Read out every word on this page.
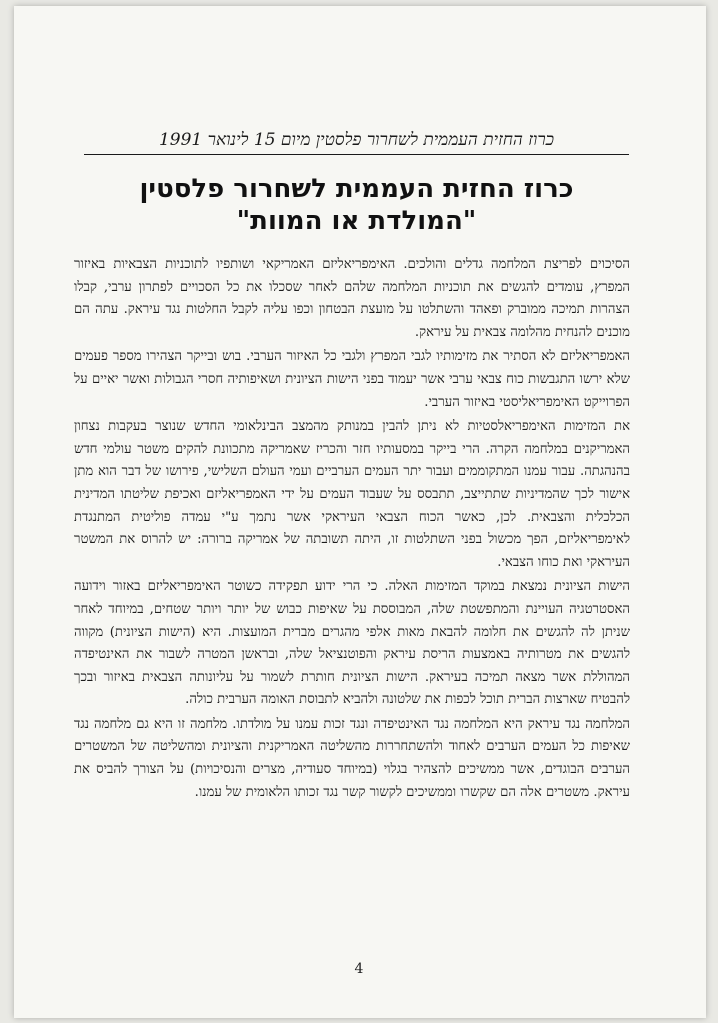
כרוז החזית העממית לשחרור פלסטין מיום 15 לינואר 1991
כרוז החזית העממית לשחרור פלסטין
"המולדת או המוות"

הסיכוים לפריצת המלחמה גדלים והולכים. האימפריאליזם האמריקאי ושותפיו לתוכניות הצבאיות באיזור המפרץ, עומדים להגשים את תוכניות המלחמה שלהם לאחר שסכלו את כל הסכויים לפתרון ערבי, קבלו הצהרות תמיכה ממוברק ופאהד והשתלטו על מועצת הבטחון וכפו עליה לקבל החלטות נגד עיראק. עתה הם מוכנים להנחית מהלומה צבאית על עיראק.

האמפריאליזם לא הסתיר את מזימותיו לגבי המפרץ ולגבי כל האיזור הערבי. בוש ובייקר הצהירו מספר פעמים שלא ירשו התגבשות כוח צבאי ערבי אשר יעמוד בפני הישות הציונית ושאיפותיה חסרי הגבולות ואשר יאיים על הפרוייקט האימפריאליסטי באיזור הערבי.

את המזימות האימפריאלסטיות לא ניתן להבין במנותק מהמצב הבינלאומי החדש שנוצר בעקבות נצחון האמריקנים במלחמה הקרה. הרי בייקר במסעותיו חזר והכריז שאמריקה מתכוונת להקים משטר עולמי חדש בהנהגתה. עבור עמנו המתקוממים ועבור יתר העמים הערביים ועמי העולם השלישי, פירושו של דבר הוא מתן אישור לכך שהמדיניות שתתייצב, תתבסס על שעבוד העמים על ידי האמפריאליזם ואכיפת שליטתו המדינית הכלכלית והצבאית. לכן, כאשר הכוח הצבאי העיראקי אשר נתמך ע"י עמדה פוליטית המתנגדת לאימפריאליזם, הפך מכשול בפני השתלטות זו, היתה תשובתה של אמריקה ברורה: יש להרוס את המשטר העיראקי ואת כוחו הצבאי.

הישות הציונית נמצאת במוקד המזימות האלה. כי הרי ידוע תפקידה כשוטר האימפריאליזם באזור וידועה האסטרטגיה העויינת והמתפשטת שלה, המבוססת על שאיפות כבוש של יותר ויותר שטחים, במיוחד לאחר שניתן לה להגשים את חלומה להבאת מאות אלפי מהגרים מברית המועצות. היא (הישות הציונית) מקווה להגשים את מטרותיה באמצעות הריסת עיראק והפוטנציאל שלה, ובראשן המטרה לשבור את האינטיפדה המהוללת אשר מצאה תמיכה בעיראק. הישות הציונית חותרת לשמור על עליונותה הצבאית באיזור ובכך להבטיח שארצות הברית תוכל לכפות את שלטונה ולהביא לתבוסת האומה הערבית כולה.

המלחמה נגד עיראק היא המלחמה נגד האינטיפדה ונגד זכות עמנו על מולדתו. מלחמה זו היא גם מלחמה נגד שאיפות כל העמים הערבים לאחוד ולהשתחררות מהשליטה האמריקנית והציונית ומהשליטה של המשטרים הערבים הבוגדים, אשר ממשיכים להצהיר בגלוי (במיוחד סעודיה, מצרים והנסיכויות) על הצורך להביס את עיראק. משטרים אלה הם שקשרו וממשיכים לקשור קשר נגד זכותו הלאומית של עמנו.

4
